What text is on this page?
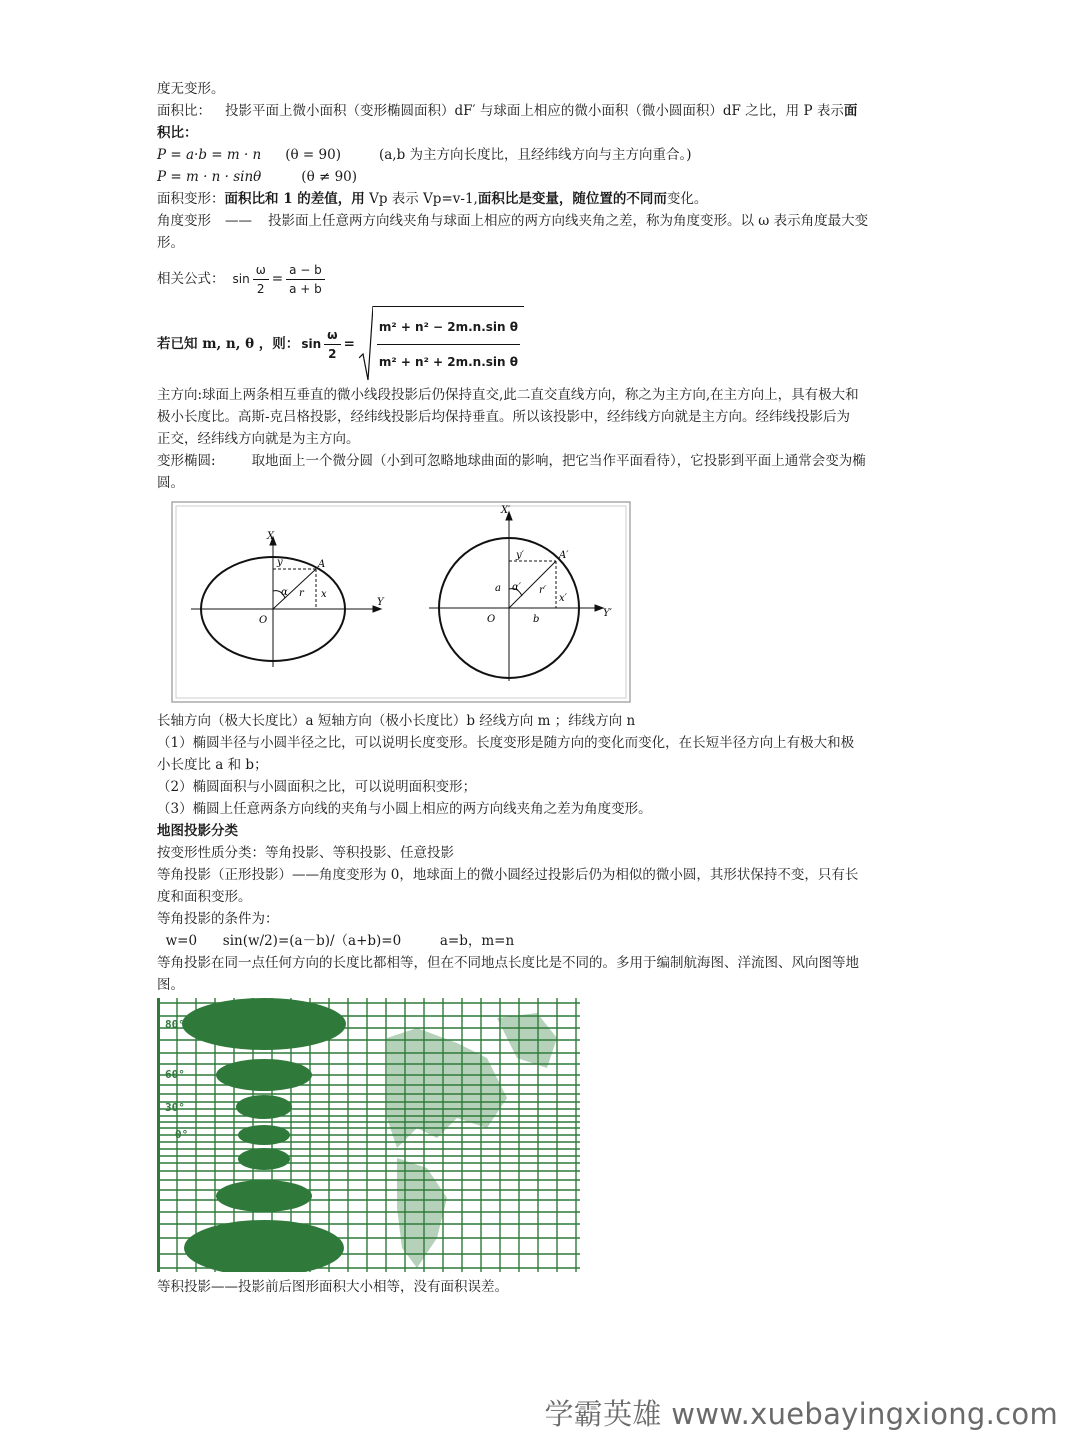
度无变形。
面积比： 投影平面上微小面积（变形椭圆面积）dF′ 与球面上相应的微小面积（微小圆面积）dF 之比，用 P 表示面
积比：
P = a·b = m · n (θ = 90)	(a,b 为主方向长度比，且经纬线方向与主方向重合。)
P = m · n · sinθ	(θ ≠ 90)
面积变形：面积比和 1 的差值，用 Vp 表示 Vp=v-1,面积比是变量，随位置的不同而变化。
角度变形 —— 投影面上任意两方向线夹角与球面上相应的两方向线夹角之差，称为角度变形。以 ω 表示角度最大变
形。
相关公式： $\sin \frac{\omega}{2} = \frac{a - b}{a + b}$
若已知 m, n, θ ，则： $\sin \frac{\omega}{2}$ =
m² + n² − 2m.n.sin θ
m² + n² + 2m.n.sin θ
主方向:球面上两条相互垂直的微小线段投影后仍保持直交,此二直交直线方向，称之为主方向,在主方向上，具有极大和
极小长度比。高斯-克吕格投影，经纬线投影后均保持垂直。所以该投影中，经纬线方向就是主方向。经纬线投影后为
正交，经纬线方向就是为主方向。
变形椭圆:	取地面上一个微分圆（小到可忽略地球曲面的影响，把它当作平面看待），它投影到平面上通常会变为椭
圆。
X
Y
O
A
α r x
y
X′
Y′
O
A′
α′ r′
x′
y′
a
b
长轴方向（极大长度比）a 短轴方向（极小长度比）b 经线方向 m ；纬线方向 n
（1）椭圆半径与小圆半径之比，可以说明长度变形。长度变形是随方向的变化而变化，在长短半径方向上有极大和极
小长度比 a 和 b；
（2）椭圆面积与小圆面积之比，可以说明面积变形；
（3）椭圆上任意两条方向线的夹角与小圆上相应的两方向线夹角之差为角度变形。
地图投影分类
按变形性质分类：等角投影、等积投影、任意投影
等角投影（正形投影）——角度变形为 0，地球面上的微小圆经过投影后仍为相似的微小圆，其形状保持不变，只有长
度和面积变形。
等角投影的条件为：
w=0      sin(w/2)=(a－b)/（a+b)=0         a=b，m=n
等角投影在同一点任何方向的长度比都相等，但在不同地点长度比是不同的。多用于编制航海图、洋流图、风向图等地
图。
80°
60°
30°
0°
等积投影——投影前后图形面积大小相等，没有面积误差。
学霸英雄 www.xuebayingxiong.com
